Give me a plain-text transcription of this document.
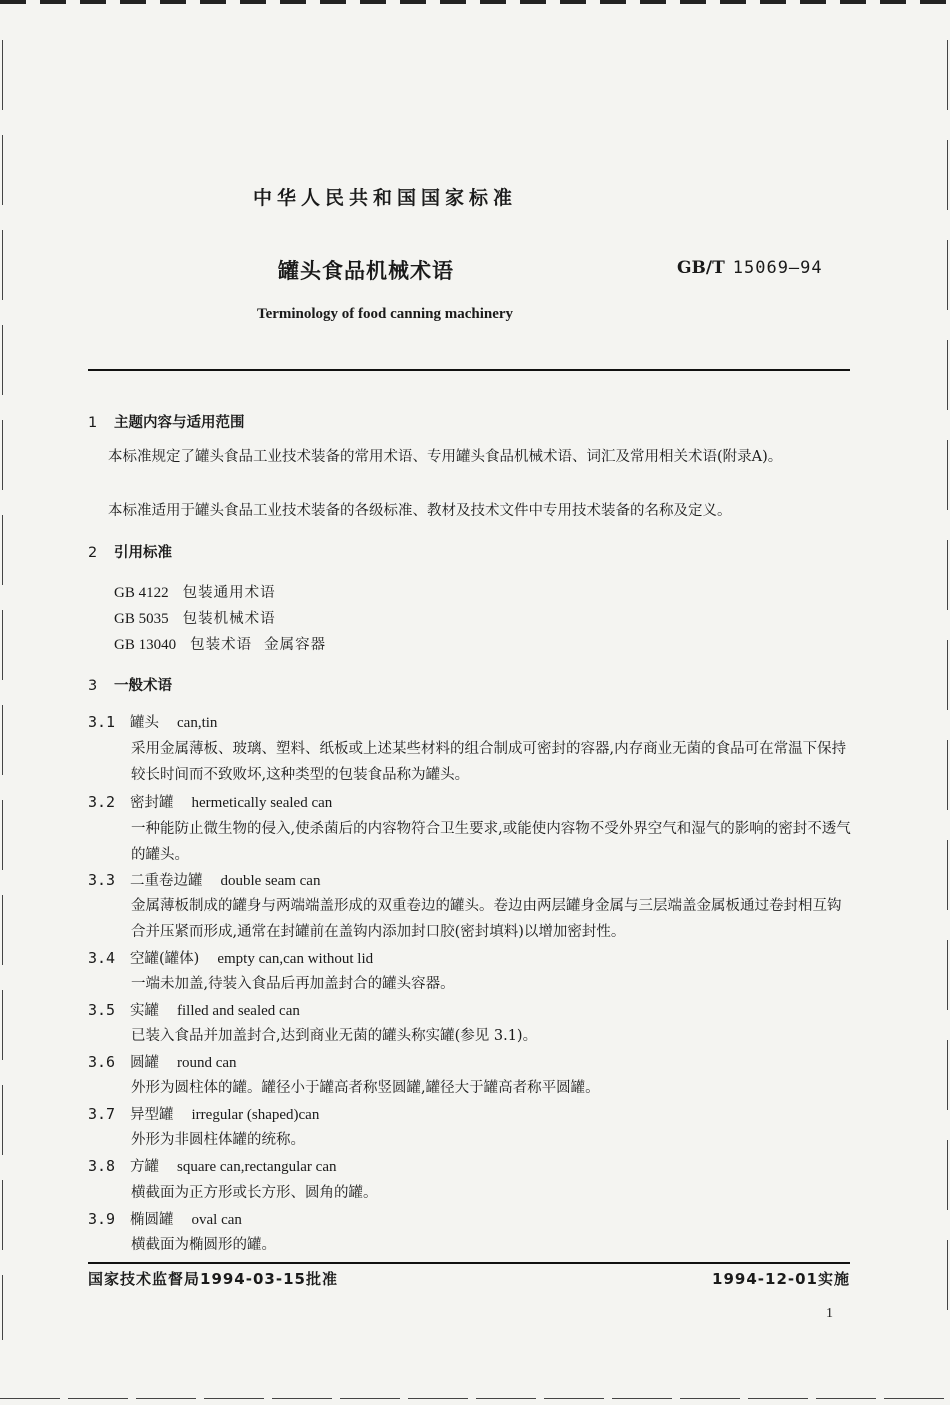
中华人民共和国国家标准
罐头食品机械术语	GB/T 15069—94
Terminology of food canning machinery
1 主题内容与适用范围
本标准规定了罐头食品工业技术装备的常用术语、专用罐头食品机械术语、词汇及常用相关术语(附录A)。
本标准适用于罐头食品工业技术装备的各级标准、教材及技术文件中专用技术装备的名称及定义。
2 引用标准
GB 4122 包装通用术语
GB 5035 包装机械术语
GB 13040 包装术语 金属容器
3 一般术语
3.1 罐头 can,tin
采用金属薄板、玻璃、塑料、纸板或上述某些材料的组合制成可密封的容器,内存商业无菌的食品可在常温下保持较长时间而不致败坏,这种类型的包装食品称为罐头。
3.2 密封罐 hermetically sealed can
一种能防止微生物的侵入,使杀菌后的内容物符合卫生要求,或能使内容物不受外界空气和湿气的影响的密封不透气的罐头。
3.3 二重卷边罐 double seam can
金属薄板制成的罐身与两端端盖形成的双重卷边的罐头。卷边由两层罐身金属与三层端盖金属板通过卷封相互钩合并压紧而形成,通常在封罐前在盖钩内添加封口胶(密封填料)以增加密封性。
3.4 空罐(罐体) empty can,can without lid
一端未加盖,待装入食品后再加盖封合的罐头容器。
3.5 实罐 filled and sealed can
已装入食品并加盖封合,达到商业无菌的罐头称实罐(参见 3.1)。
3.6 圆罐 round can
外形为圆柱体的罐。罐径小于罐高者称竖圆罐,罐径大于罐高者称平圆罐。
3.7 异型罐 irregular (shaped)can
外形为非圆柱体罐的统称。
3.8 方罐 square can,rectangular can
横截面为正方形或长方形、圆角的罐。
3.9 椭圆罐 oval can
横截面为椭圆形的罐。
国家技术监督局1994-03-15批准	1994-12-01实施
1
